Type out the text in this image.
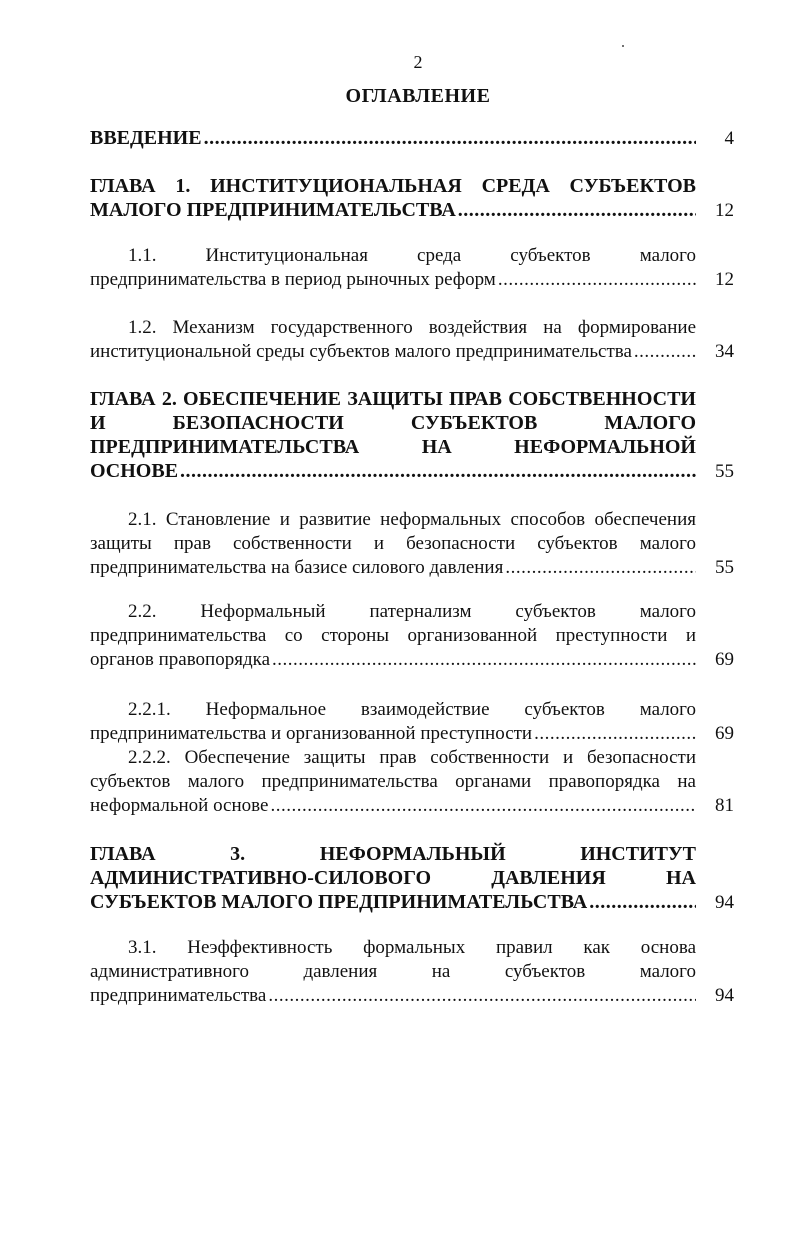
2
ОГЛАВЛЕНИЕ
ВВЕДЕНИЕ .....	4
ГЛАВА 1. ИНСТИТУЦИОНАЛЬНАЯ СРЕДА СУБЪЕКТОВ
МАЛОГО ПРЕДПРИНИМАТЕЛЬСТВА .....	12
1.1. Институциональная среда субъектов малого
предпринимательства в период рыночных реформ .....	12
1.2. Механизм государственного воздействия на формирование
институциональной среды субъектов малого предпринимательства .....	34
ГЛАВА 2. ОБЕСПЕЧЕНИЕ ЗАЩИТЫ ПРАВ СОБСТВЕННОСТИ
И БЕЗОПАСНОСТИ СУБЪЕКТОВ МАЛОГО
ПРЕДПРИНИМАТЕЛЬСТВА НА НЕФОРМАЛЬНОЙ
ОСНОВЕ .....	55
2.1. Становление и развитие неформальных способов обеспечения
защиты прав собственности и безопасности субъектов малого
предпринимательства на базисе силового давления .....	55
2.2. Неформальный патернализм субъектов малого
предпринимательства со стороны организованной преступности и
органов правопорядка .....	69
2.2.1. Неформальное взаимодействие субъектов малого
предпринимательства и организованной преступности .....	69
2.2.2. Обеспечение защиты прав собственности и безопасности
субъектов малого предпринимательства органами правопорядка на
неформальной основе .....	81
ГЛАВА 3. НЕФОРМАЛЬНЫЙ ИНСТИТУТ
АДМИНИСТРАТИВНО-СИЛОВОГО ДАВЛЕНИЯ НА
СУБЪЕКТОВ МАЛОГО ПРЕДПРИНИМАТЕЛЬСТВА .....	94
3.1. Неэффективность формальных правил как основа
административного давления на субъектов малого
предпринимательства .....	94
